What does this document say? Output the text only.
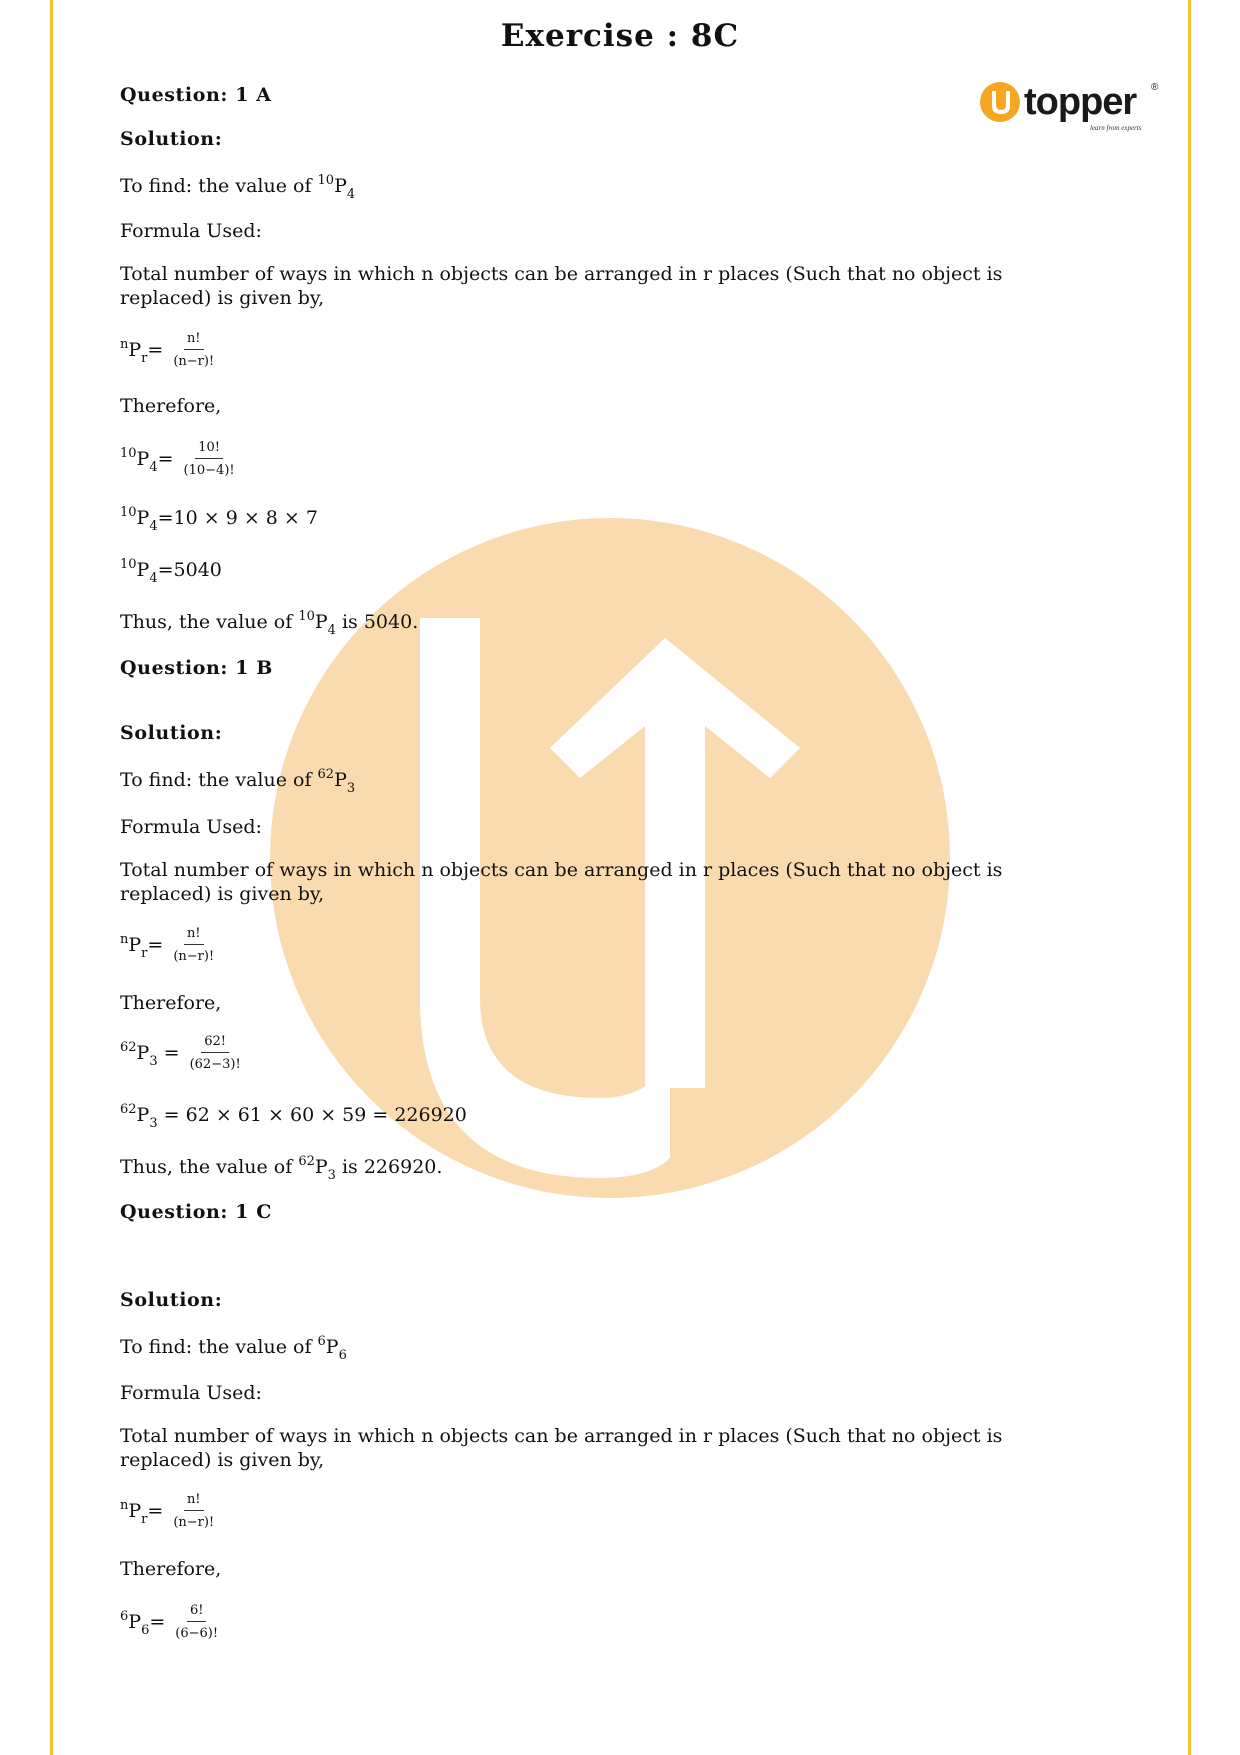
topper ®
learn from experts
Exercise : 8C
Question: 1 A
Solution:
To find: the value of $^{10}P_4$
Formula Used:
Total number of ways in which n objects can be arranged in r places (Such that no object is replaced) is given by,
$^nP_r= \frac{n!}{(n-r)!}$
Therefore,
$^{10}P_4= \frac{10!}{(10-4)!}$
$^{10}P_4=10 \times 9 \times 8 \times 7$
$^{10}P_4=5040$
Thus, the value of $^{10}P_4$ is 5040.
Question: 1 B
Solution:
To find: the value of $^{62}P_3$
Formula Used:
Total number of ways in which n objects can be arranged in r places (Such that no object is replaced) is given by,
$^nP_r= \frac{n!}{(n-r)!}$
Therefore,
$^{62}P_3 = \frac{62!}{(62-3)!}$
$^{62}P_3 = 62 \times 61 \times 60 \times 59 = 226920$
Thus, the value of $^{62}P_3$ is 226920.
Question: 1 C
Solution:
To find: the value of $^6P_6$
Formula Used:
Total number of ways in which n objects can be arranged in r places (Such that no object is replaced) is given by,
$^nP_r= \frac{n!}{(n-r)!}$
Therefore,
$^6P_6= \frac{6!}{(6-6)!}$
